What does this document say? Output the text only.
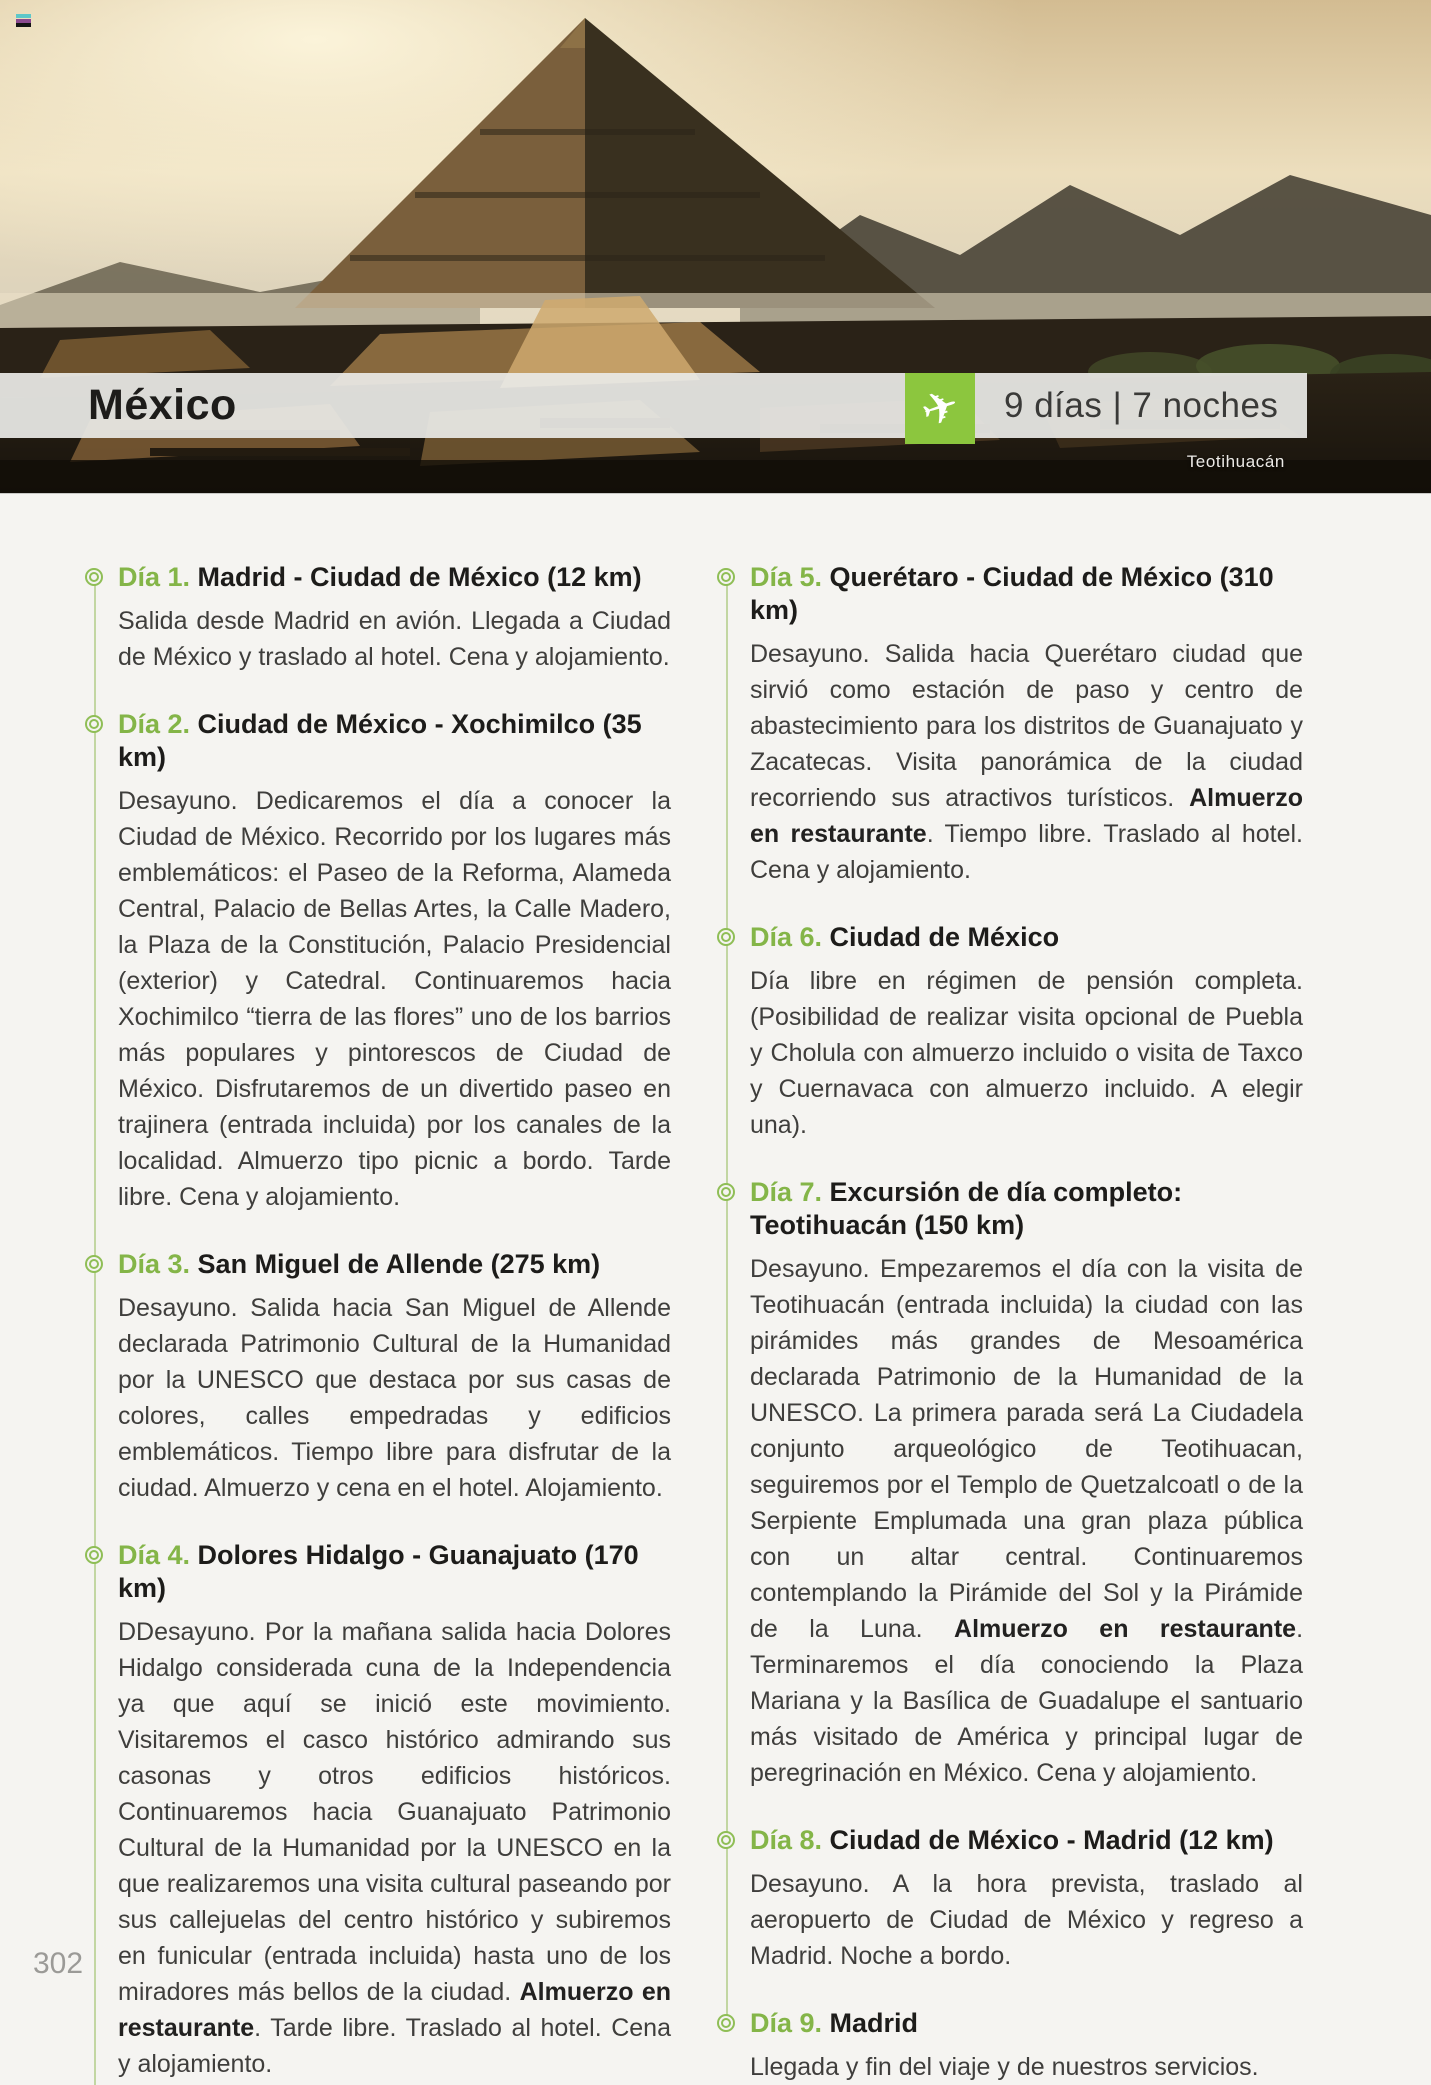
México	✈ 9 días | 7 noches
Teotihuacán
Día 1. Madrid - Ciudad de México (12 km)

Salida desde Madrid en avión. Llegada a Ciudad de México y traslado al hotel. Cena y alojamiento.

Día 2. Ciudad de México - Xochimilco (35 km)

Desayuno. Dedicaremos el día a conocer la Ciudad de México. Recorrido por los lugares más emblemáticos: el Paseo de la Reforma, Alameda Central, Palacio de Bellas Artes, la Calle Madero, la Plaza de la Constitución, Palacio Presidencial (exterior) y Catedral. Continuaremos hacia Xochimilco “tierra de las flores” uno de los barrios más populares y pintorescos de Ciudad de México. Disfrutaremos de un divertido paseo en trajinera (entrada incluida) por los canales de la localidad. Almuerzo tipo picnic a bordo. Tarde libre. Cena y alojamiento.

Día 3. San Miguel de Allende (275 km)

Desayuno. Salida hacia San Miguel de Allende declarada Patrimonio Cultural de la Humanidad por la UNESCO que destaca por sus casas de colores, calles empedradas y edificios emblemáticos. Tiempo libre para disfrutar de la ciudad. Almuerzo y cena en el hotel. Alojamiento.

Día 4. Dolores Hidalgo - Guanajuato (170 km)

DDesayuno. Por la mañana salida hacia Dolores Hidalgo considerada cuna de la Independencia ya que aquí se inició este movimiento. Visitaremos el casco histórico admirando sus casonas y otros edificios históricos. Continuaremos hacia Guanajuato Patrimonio Cultural de la Humanidad por la UNESCO en la que realizaremos una visita cultural paseando por sus callejuelas del centro histórico y subiremos en funicular (entrada incluida) hasta uno de los miradores más bellos de la ciudad. Almuerzo en restaurante. Tarde libre. Traslado al hotel. Cena y alojamiento.

Día 5. Querétaro - Ciudad de México (310 km)

Desayuno. Salida hacia Querétaro ciudad que sirvió como estación de paso y centro de abastecimiento para los distritos de Guanajuato y Zacatecas. Visita panorámica de la ciudad recorriendo sus atractivos turísticos. Almuerzo en restaurante. Tiempo libre. Traslado al hotel. Cena y alojamiento.

Día 6. Ciudad de México

Día libre en régimen de pensión completa. (Posibilidad de realizar visita opcional de Puebla y Cholula con almuerzo incluido o visita de Taxco y Cuernavaca con almuerzo incluido. A elegir una).

Día 7. Excursión de día completo: Teotihuacán (150 km)

Desayuno. Empezaremos el día con la visita de Teotihuacán (entrada incluida) la ciudad con las pirámides más grandes de Mesoamérica declarada Patrimonio de la Humanidad de la UNESCO. La primera parada será La Ciudadela conjunto arqueológico de Teotihuacan, seguiremos por el Templo de Quetzalcoatl o de la Serpiente Emplumada una gran plaza pública con un altar central. Continuaremos contemplando la Pirámide del Sol y la Pirámide de la Luna. Almuerzo en restaurante. Terminaremos el día conociendo la Plaza Mariana y la Basílica de Guadalupe el santuario más visitado de América y principal lugar de peregrinación en México. Cena y alojamiento.

Día 8. Ciudad de México - Madrid (12 km)

Desayuno. A la hora prevista, traslado al aeropuerto de Ciudad de México y regreso a Madrid. Noche a bordo.

Día 9. Madrid

Llegada y fin del viaje y de nuestros servicios.

302
